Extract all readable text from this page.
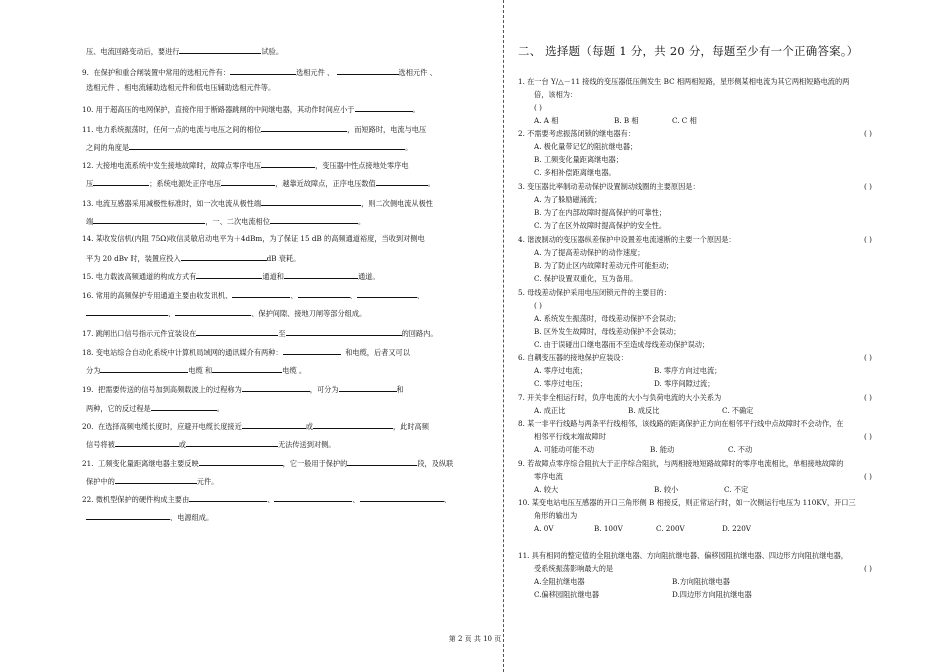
压、电流回路变动后，要进行	试验。
9. 在保护和重合闸装置中常用的选相元件有：	选相元件 、	选相元件 、
选相元件 、相电流辅助选相元件和低电压辅助选相元件等。
10. 用于超高压的电网保护，直接作用于断路器跳闸的中间继电器，其动作时间应小于	。
11. 电力系统振荡时，任何一点的电流与电压之间的相位	，而短路时，电流与电压
之间的角度是	。
12. 大接地电流系统中发生接地故障时，故障点零序电压	，变压器中性点接地处零序电
压	；系统电源处正序电压	，越靠近故障点，正序电压数值	。
13. 电流互感器采用减极性标准时，如一次电流从极性端	，则二次侧电流从极性
端	，一、二次电流相位	。
14. 某收发信机(内阻 75Ω)收信灵敏启动电平为＋4dBm，为了保证 15 dB 的高频通道裕度，当收到对侧电
平为 20 dBv 时，装置应投入	dB 衰耗。
15. 电力载波高频通道的构成方式有	通道和	通道。
16. 常用的高频保护专用通道主要由收发讯机、	、	、	、
、	、保护间隙、接地刀闸等部分组成。
17. 跳闸出口信号指示元件宜装设在	至	的回路内。
18. 变电站综合自动化系统中计算机局域网的通讯媒介有两种：	和电缆，后者又可以
分为	电缆 和	电缆 。
19. 把需要传送的信号加到高频载波上的过程称为	，可分为	和
两种，它的反过程是	。
20. 在选择高频电缆长度时，应避开电缆长度接近	或	，此时高频
信号将被	或	无法传送到对侧。
21. 工频变化量距离继电器主要反映	，它一般用于保护的	段，及纵联
保护中的	元件。
22. 微机型保护的硬件构成主要由	、	、	、
、电源组成。
二、 选择题（每题 1 分，共 20 分，每题至少有一个正确答案。）
1. 在一台 Y/△－11 接线的变压器低压侧发生 BC 相两相短路，星形侧某相电流为其它两相短路电流的两
倍，该相为：
( )
A. A 相	B. B 相	C. C 相
2. 不需要考虑振荡闭锁的继电器有：	( )
A. 极化量带记忆的阻抗继电器；
B. 工频变化量距离继电器；
C. 多相补偿距离继电器。
3. 变压器比率制动差动保护设置制动线圈的主要原因是：	( )
A. 为了躲励磁涌流；
B. 为了在内部故障时提高保护的可靠性；
C. 为了在区外故障时提高保护的安全性。
4. 谐波制动的变压器纵差保护中设置差电流速断的主要一个原因是：	( )
A. 为了提高差动保护的动作速度；
B. 为了防止区内故障时差动元件可能拒动；
C. 保护设置双重化，互为备用。
5. 母线差动保护采用电压闭锁元件的主要目的：
( )
A. 系统发生振荡时，母线差动保护不会误动；
B. 区外发生故障时，母线差动保护不会误动；
C. 由于误碰出口继电器而不至造成母线差动保护误动；
6. 自耦变压器的接地保护应装设：	( )
A. 零序过电流；	B. 零序方向过电流；
C. 零序过电压；	D. 零序间隙过流；
7. 开关非全相运行时，负序电流的大小与负荷电流的大小关系为	( )
A. 成正比	B. 成反比	C. 不确定
8. 某一非平行线路与两条平行线相邻，该线路的距离保护正方向在相邻平行线中点故障时不会动作，在
相邻平行线末端故障时	( )
A. 可能动可能不动	B. 能动	C. 不动
9. 若故障点零序综合阻抗大于正序综合阻抗，与两相接地短路故障时的零序电流相比，单相接地故障的
零序电流	( )
A. 较大	B. 较小	C. 不定
10. 某变电站电压互感器的开口三角形侧 B 相接反，则正常运行时，如一次侧运行电压为 110KV，开口三
角形的输出为
A. 0V	B. 100V	C. 200V	D. 220V
11. 具有相同的整定值的全阻抗继电器、方向阻抗继电器、偏移园阻抗继电器、四边形方向阻抗继电器，
受系统振荡影响最大的是	( )
A.全阻抗继电器	B.方向阻抗继电器
C.偏移园阻抗继电器	D.四边形方向阻抗继电器
第 2 页 共 10 页
